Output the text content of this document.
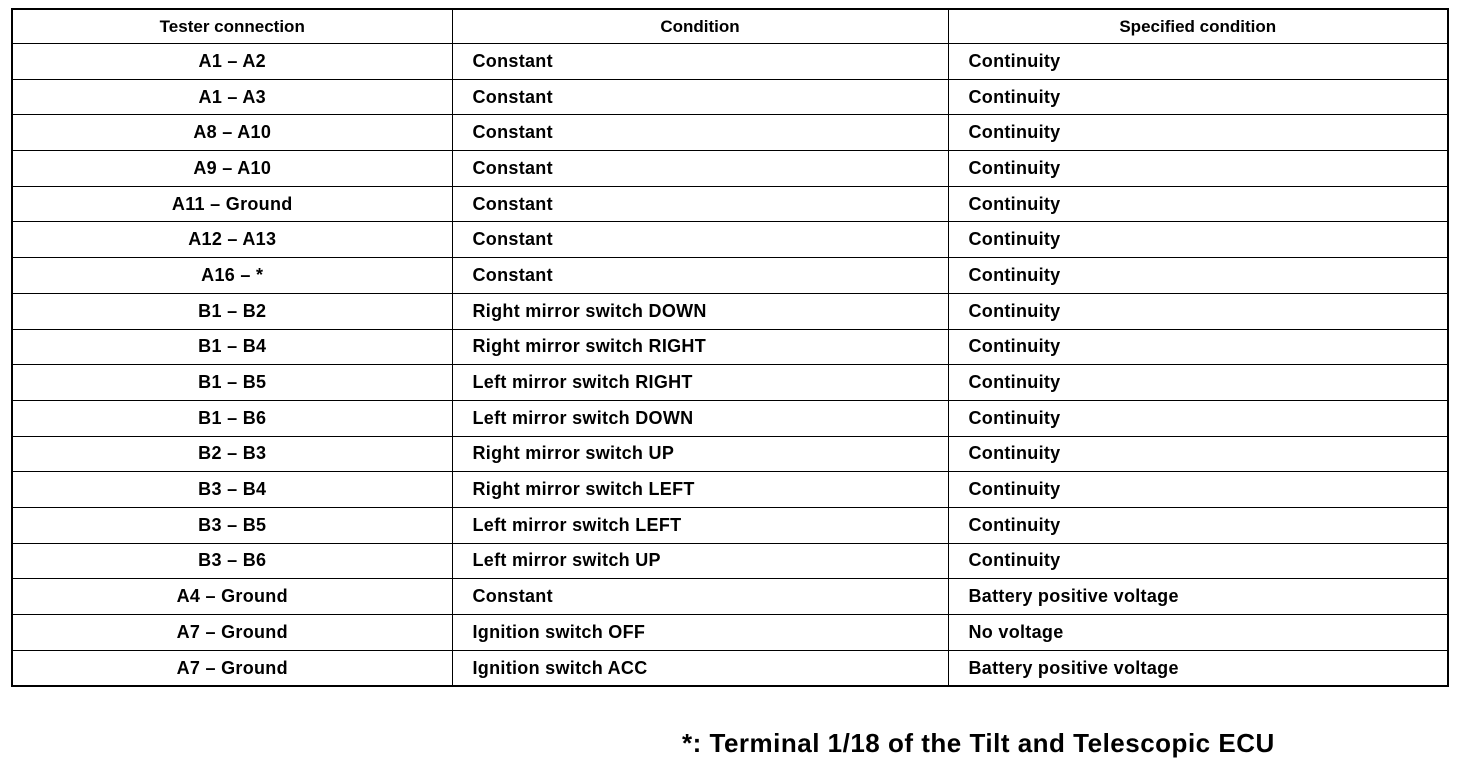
Tester connection	Condition	Specified condition
A1 – A2	Constant	Continuity
A1 – A3	Constant	Continuity
A8 – A10	Constant	Continuity
A9 – A10	Constant	Continuity
A11 – Ground	Constant	Continuity
A12 – A13	Constant	Continuity
A16 – *	Constant	Continuity
B1 – B2	Right mirror switch DOWN	Continuity
B1 – B4	Right mirror switch RIGHT	Continuity
B1 – B5	Left mirror switch RIGHT	Continuity
B1 – B6	Left mirror switch DOWN	Continuity
B2 – B3	Right mirror switch UP	Continuity
B3 – B4	Right mirror switch LEFT	Continuity
B3 – B5	Left mirror switch LEFT	Continuity
B3 – B6	Left mirror switch UP	Continuity
A4 – Ground	Constant	Battery positive voltage
A7 – Ground	Ignition switch OFF	No voltage
A7 – Ground	Ignition switch ACC	Battery positive voltage
*: Terminal 1/18 of the Tilt and Telescopic ECU
